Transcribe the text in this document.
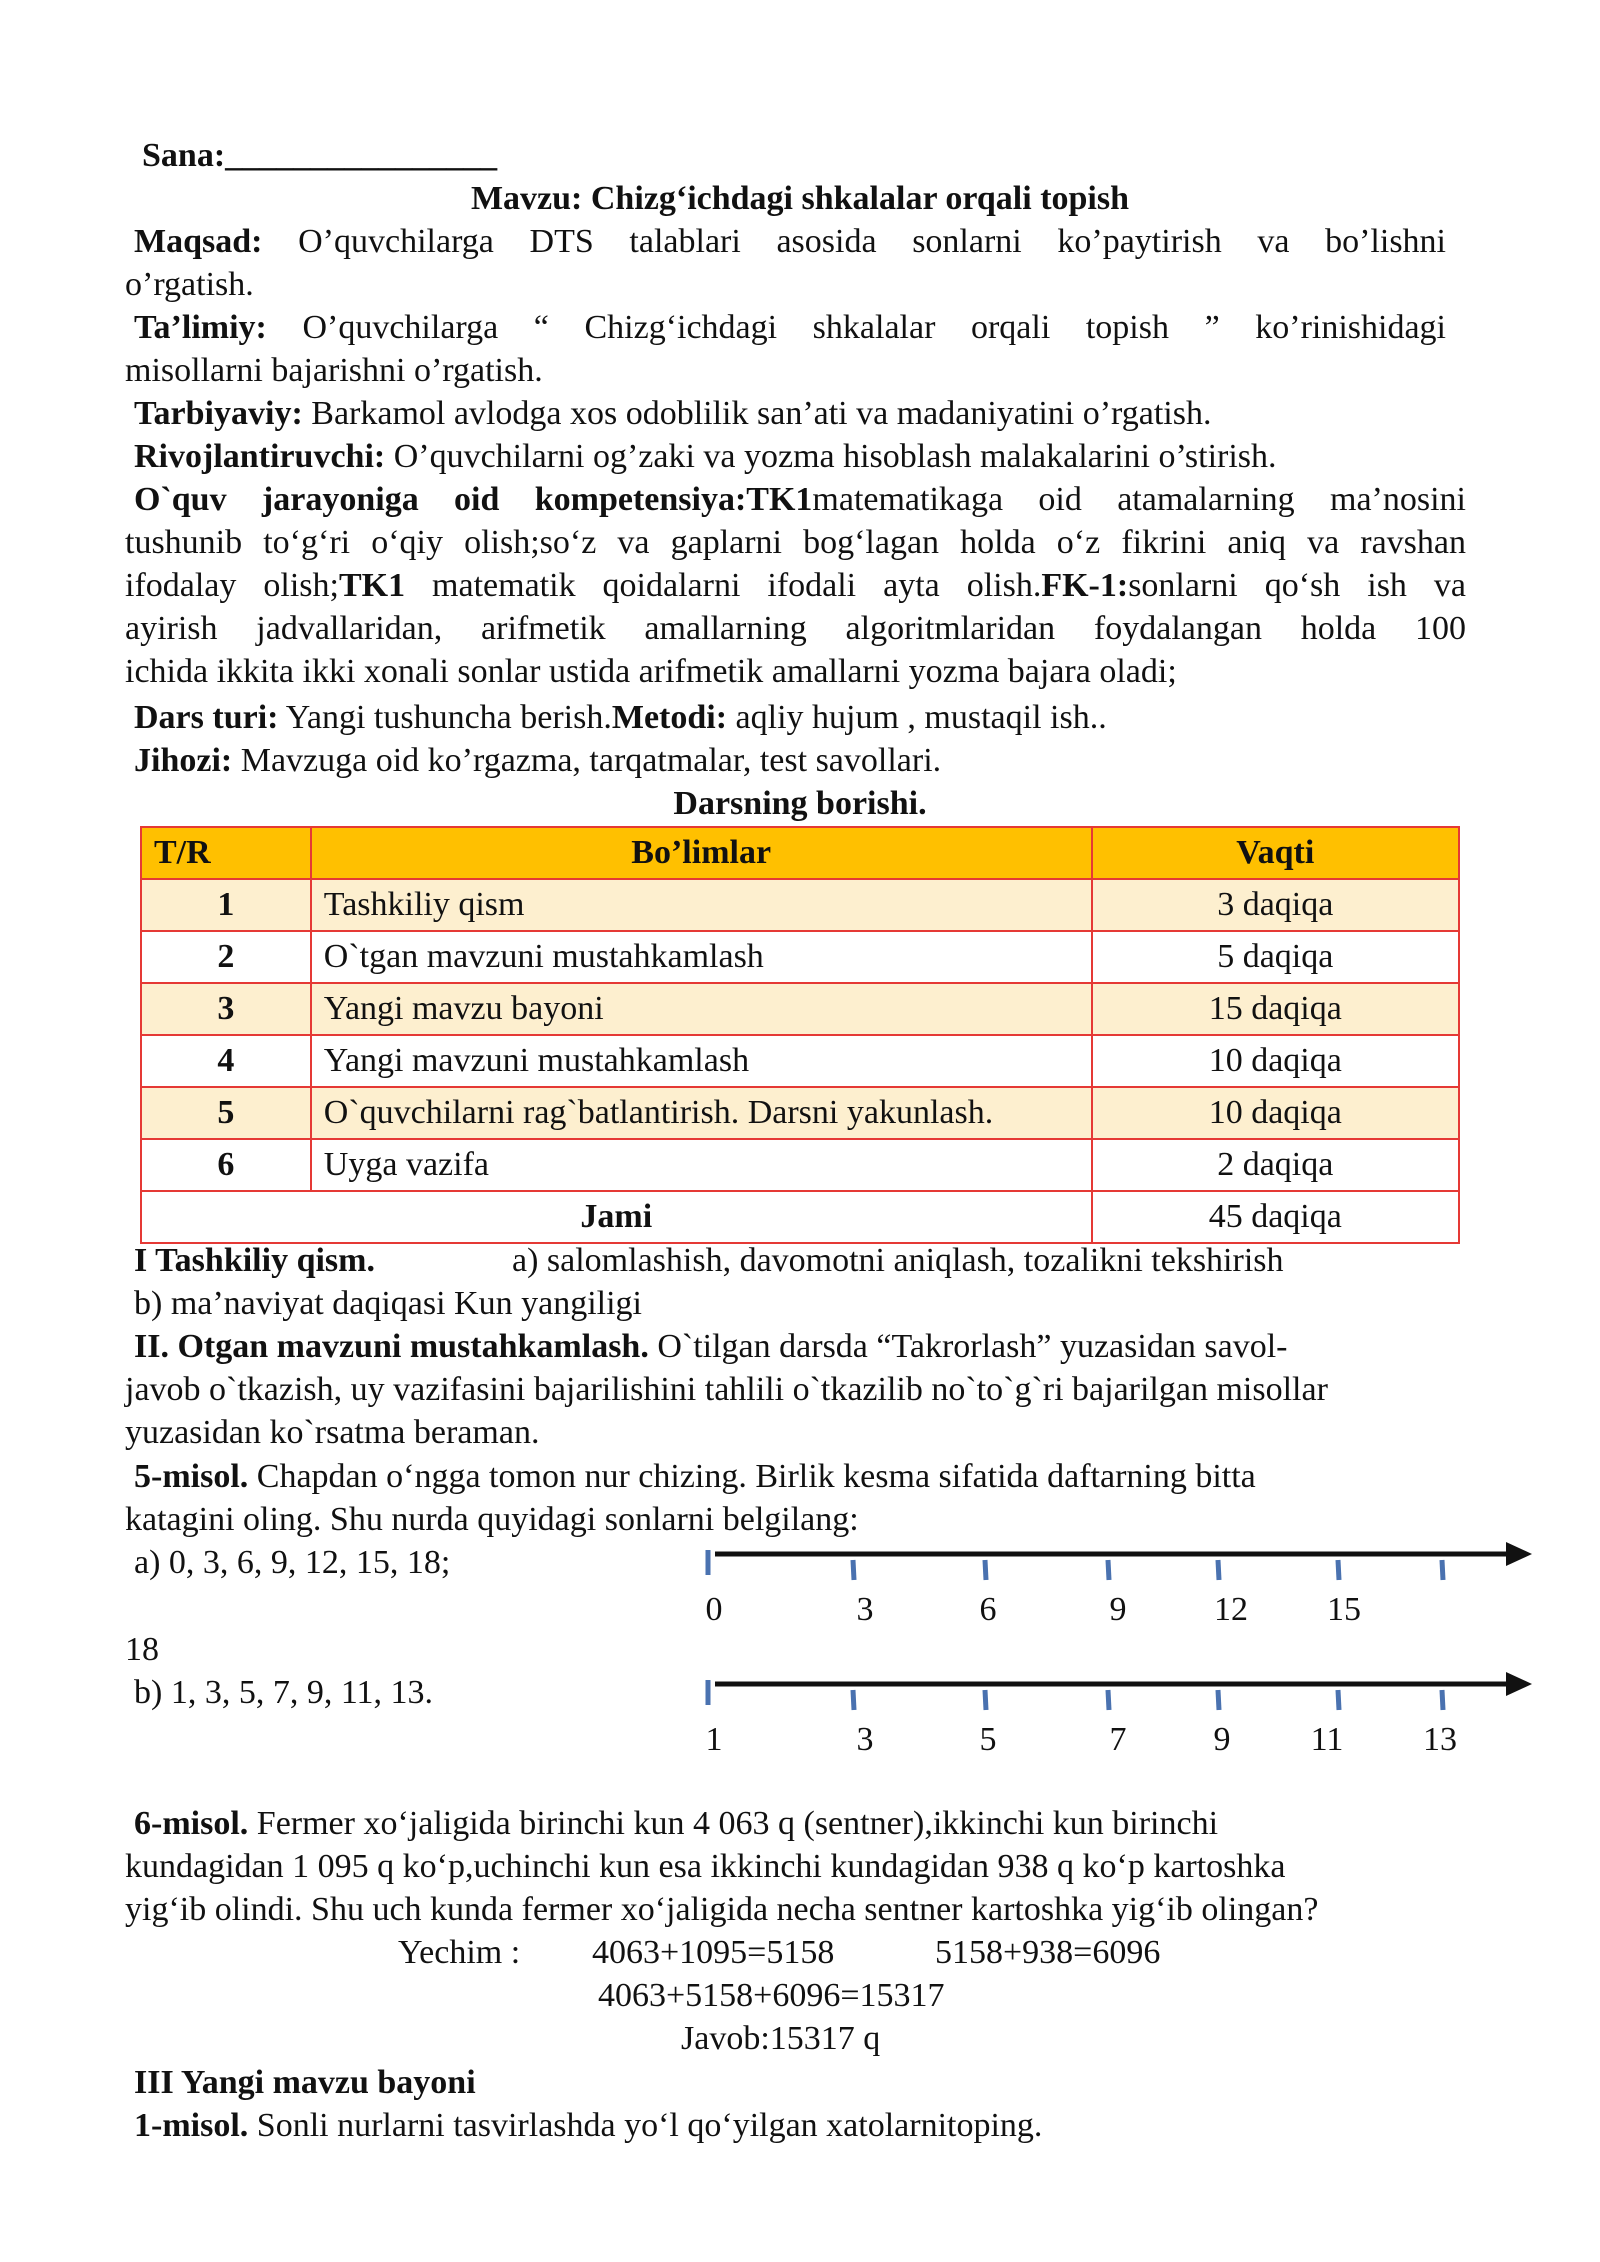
Sana:________________
Mavzu: Chizg‘ichdagi shkalalar orqali topish
Maqsad: O’quvchilarga DTS talablari asosida sonlarni ko’paytirish va bo’lishni
o’rgatish.
Ta’limiy: O’quvchilarga “ Chizg‘ichdagi shkalalar orqali topish ” ko’rinishidagi
misollarni bajarishni o’rgatish.
Tarbiyaviy: Barkamol avlodga xos odoblilik san’ati va madaniyatini o’rgatish.
Rivojlantiruvchi: O’quvchilarni og’zaki va yozma hisoblash malakalarini o’stirish.
O`quv jarayoniga oid kompetensiya:TK1matematikaga oid atamalarning ma’nosini
tushunib to‘g‘ri o‘qiy olish;so‘z va gaplarni bog‘lagan holda o‘z fikrini aniq va ravshan
ifodalay olish;TK1 matematik qoidalarni ifodali ayta olish.FK-1:sonlarni qo‘sh ish va
ayirish jadvallaridan, arifmetik amallarning algoritmlaridan foydalangan holda 100
ichida ikkita ikki xonali sonlar ustida arifmetik amallarni yozma bajara oladi;
Dars turi: Yangi tushuncha berish.Metodi: aqliy hujum , mustaqil ish..
Jihozi: Mavzuga oid ko’rgazma, tarqatmalar, test savollari.
Darsning borishi.
T/R	Bo’limlar	Vaqti
1	Tashkiliy qism	3 daqiqa
2	O`tgan mavzuni mustahkamlash	5 daqiqa
3	Yangi mavzu bayoni	15 daqiqa
4	Yangi mavzuni mustahkamlash	10 daqiqa
5	O`quvchilarni rag`batlantirish. Darsni yakunlash.	10 daqiqa
6	Uyga vazifa	2 daqiqa
Jami		45 daqiqa
I Tashkiliy qism.	a) salomlashish, davomotni aniqlash, tozalikni tekshirish
b) ma’naviyat daqiqasi Kun yangiligi
II. Otgan mavzuni mustahkamlash. O`tilgan darsda “Takrorlash” yuzasidan savol-
javob o`tkazish, uy vazifasini bajarilishini tahlili o`tkazilib no`to`g`ri bajarilgan misollar
yuzasidan ko`rsatma beraman.
5-misol. Chapdan o‘ngga tomon nur chizing. Birlik kesma sifatida daftarning bitta
katagini oling. Shu nurda quyidagi sonlarni belgilang:
a) 0, 3, 6, 9, 12, 15, 18;
18
b) 1, 3, 5, 7, 9, 11, 13.
0	3	6	9	12 15
1	3	5	7	9 11 13
6-misol. Fermer xo‘jaligida birinchi kun 4 063 q (sentner),ikkinchi kun birinchi
kundagidan 1 095 q ko‘p,uchinchi kun esa ikkinchi kundagidan 938 q ko‘p kartoshka
yig‘ib olindi. Shu uch kunda fermer xo‘jaligida necha sentner kartoshka yig‘ib olingan?
Yechim : 4063+1095=5158	5158+938=6096
4063+5158+6096=15317
Javob:15317 q
III Yangi mavzu bayoni
1-misol. Sonli nurlarni tasvirlashda yo‘l qo‘yilgan xatolarnitoping.
